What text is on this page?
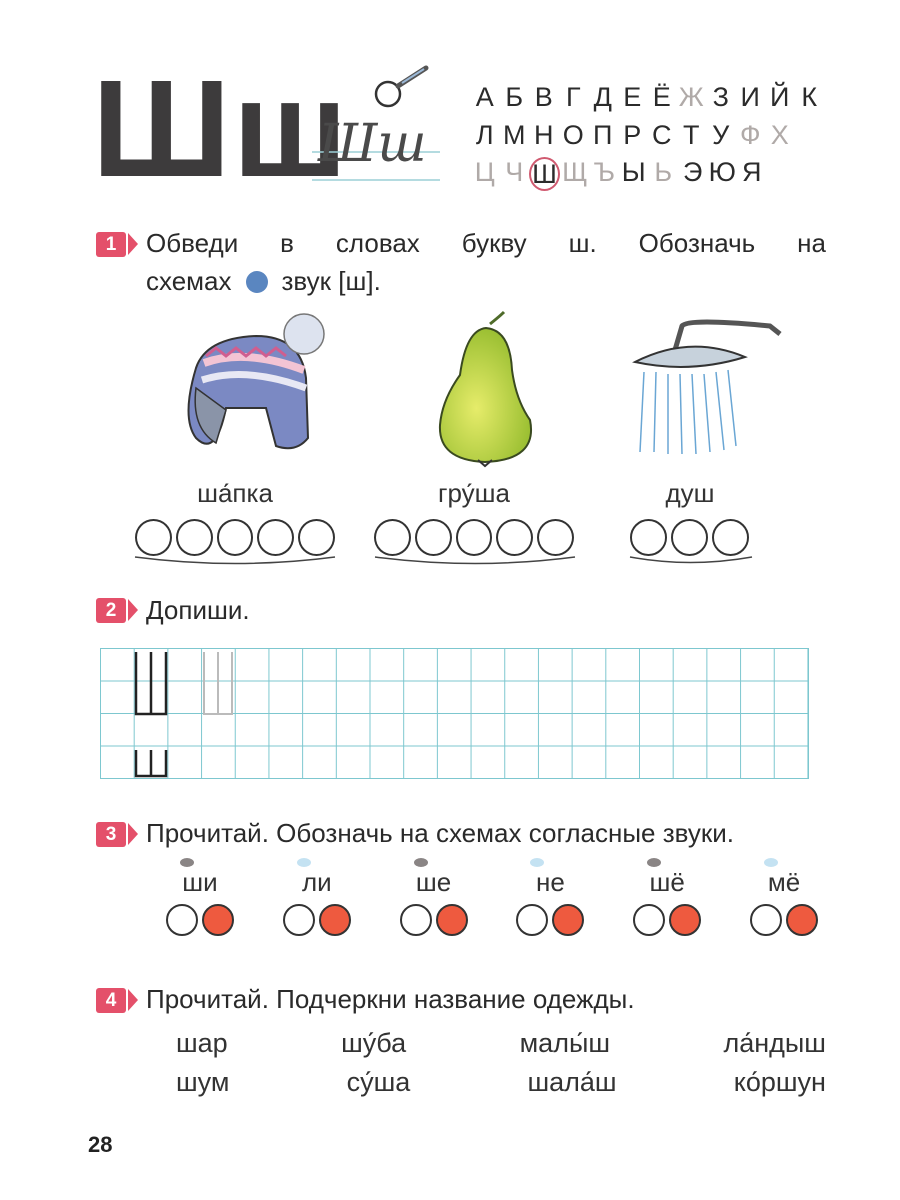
Шш
Шш
А Б В Г Д Е Ё Ж З И Й К
Л М Н О П Р С Т У Ф Х
Ц Ч Ш Щ Ъ Ы Ь Э Ю Я
1	Обведи в словах букву ш. Обозначь на
схемах звук [ш].
ша́пка	гру́ша	душ
2	Допиши.
3	Прочитай. Обозначь на схемах согласные звуки.
ши	ли	ше	не	шё	мё
4	Прочитай. Подчеркни название одежды.
шар	шу́ба	малы́ш	ла́ндыш
шум	су́ша	шала́ш	ко́ршун
28
